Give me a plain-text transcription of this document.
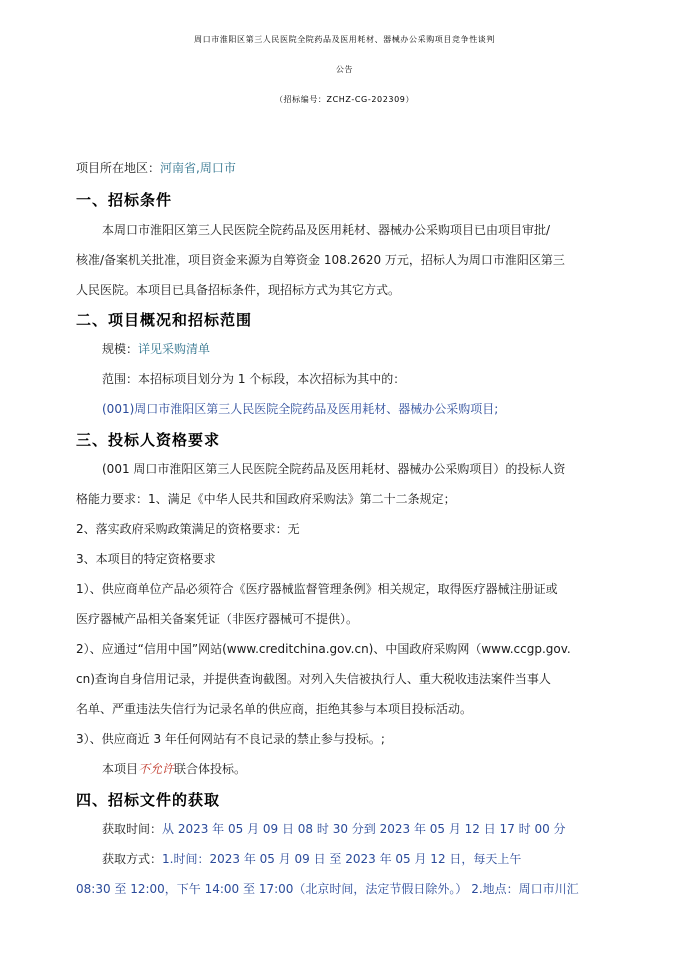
周口市淮阳区第三人民医院全院药品及医用耗材、器械办公采购项目竞争性谈判
公告
（招标编号：ZCHZ-CG-202309）
项目所在地区：河南省,周口市
一、招标条件
本周口市淮阳区第三人民医院全院药品及医用耗材、器械办公采购项目已由项目审批/
核准/备案机关批准，项目资金来源为自筹资金 108.2620 万元，招标人为周口市淮阳区第三
人民医院。本项目已具备招标条件，现招标方式为其它方式。
二、项目概况和招标范围
规模：详见采购清单
范围：本招标项目划分为 1 个标段，本次招标为其中的：
(001)周口市淮阳区第三人民医院全院药品及医用耗材、器械办公采购项目;
三、投标人资格要求
(001 周口市淮阳区第三人民医院全院药品及医用耗材、器械办公采购项目）的投标人资
格能力要求：1、满足《中华人民共和国政府采购法》第二十二条规定；
2、落实政府采购政策满足的资格要求：无
3、本项目的特定资格要求
1）、供应商单位产品必须符合《医疗器械监督管理条例》相关规定，取得医疗器械注册证或
医疗器械产品相关备案凭证（非医疗器械可不提供）。
2）、应通过“信用中国”网站(www.creditchina.gov.cn)、中国政府采购网（www.ccgp.gov.
cn)查询自身信用记录，并提供查询截图。对列入失信被执行人、重大税收违法案件当事人
名单、严重违法失信行为记录名单的供应商，拒绝其参与本项目投标活动。
3）、供应商近 3 年任何网站有不良记录的禁止参与投标。;
本项目不允许联合体投标。
四、招标文件的获取
获取时间：从 2023 年 05 月 09 日 08 时 30 分到 2023 年 05 月 12 日 17 时 00 分
获取方式：1.时间：2023 年 05 月 09 日 至 2023 年 05 月 12 日，每天上午
08:30 至 12:00，下午 14:00 至 17:00（北京时间，法定节假日除外。） 2.地点：周口市川汇
